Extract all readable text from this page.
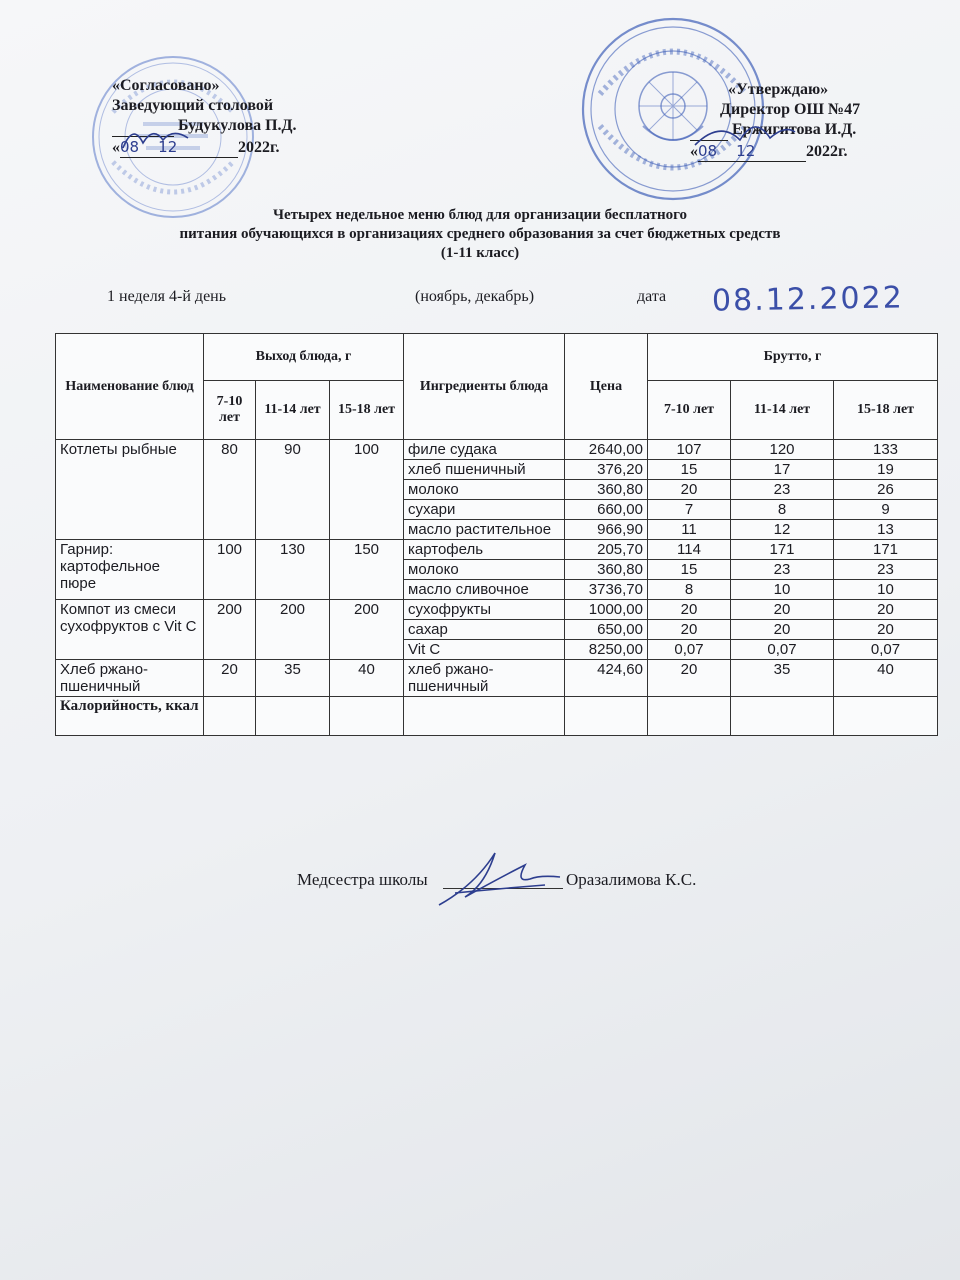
«Согласовано»
Заведующий столовой
Будукулова П.Д.
«08 12	2022г.
«Утверждаю»
Директор ОШ №47
Ержигитова И.Д.
«08 12	2022г.
Четырех недельное меню блюд для организации бесплатного
питания обучающихся в организациях среднего образования за счет бюджетных средств
(1-11 класс)
1 неделя 4-й день	(ноябрь, декабрь)	дата 08.12.2022
Наименование блюд	Выход блюда, г			Ингредиенты блюда	Цена	Брутто, г		
	7-10 лет	11-14 лет	15-18 лет			7-10 лет	11-14 лет	15-18 лет
Котлеты рыбные	80	90	100	филе судака	2640,00	107	120	133
				хлеб пшеничный	376,20	15	17	19
				молоко	360,80	20	23	26
				сухари	660,00	7	8	9
				масло растительное	966,90	11	12	13
Гарнир: картофельное пюре	100	130	150	картофель	205,70	114	171	171
				молоко	360,80	15	23	23
				масло сливочное	3736,70	8	10	10
Компот из смеси сухофруктов с Vit C	200	200	200	сухофрукты	1000,00	20	20	20
				сахар	650,00	20	20	20
				Vit C	8250,00	0,07	0,07	0,07
Хлеб ржано-пшеничный	20	35	40	хлеб ржано-пшеничный	424,60	20	35	40
Калорийность, ккал								
Медсестра школы	Оразалимова К.С.
